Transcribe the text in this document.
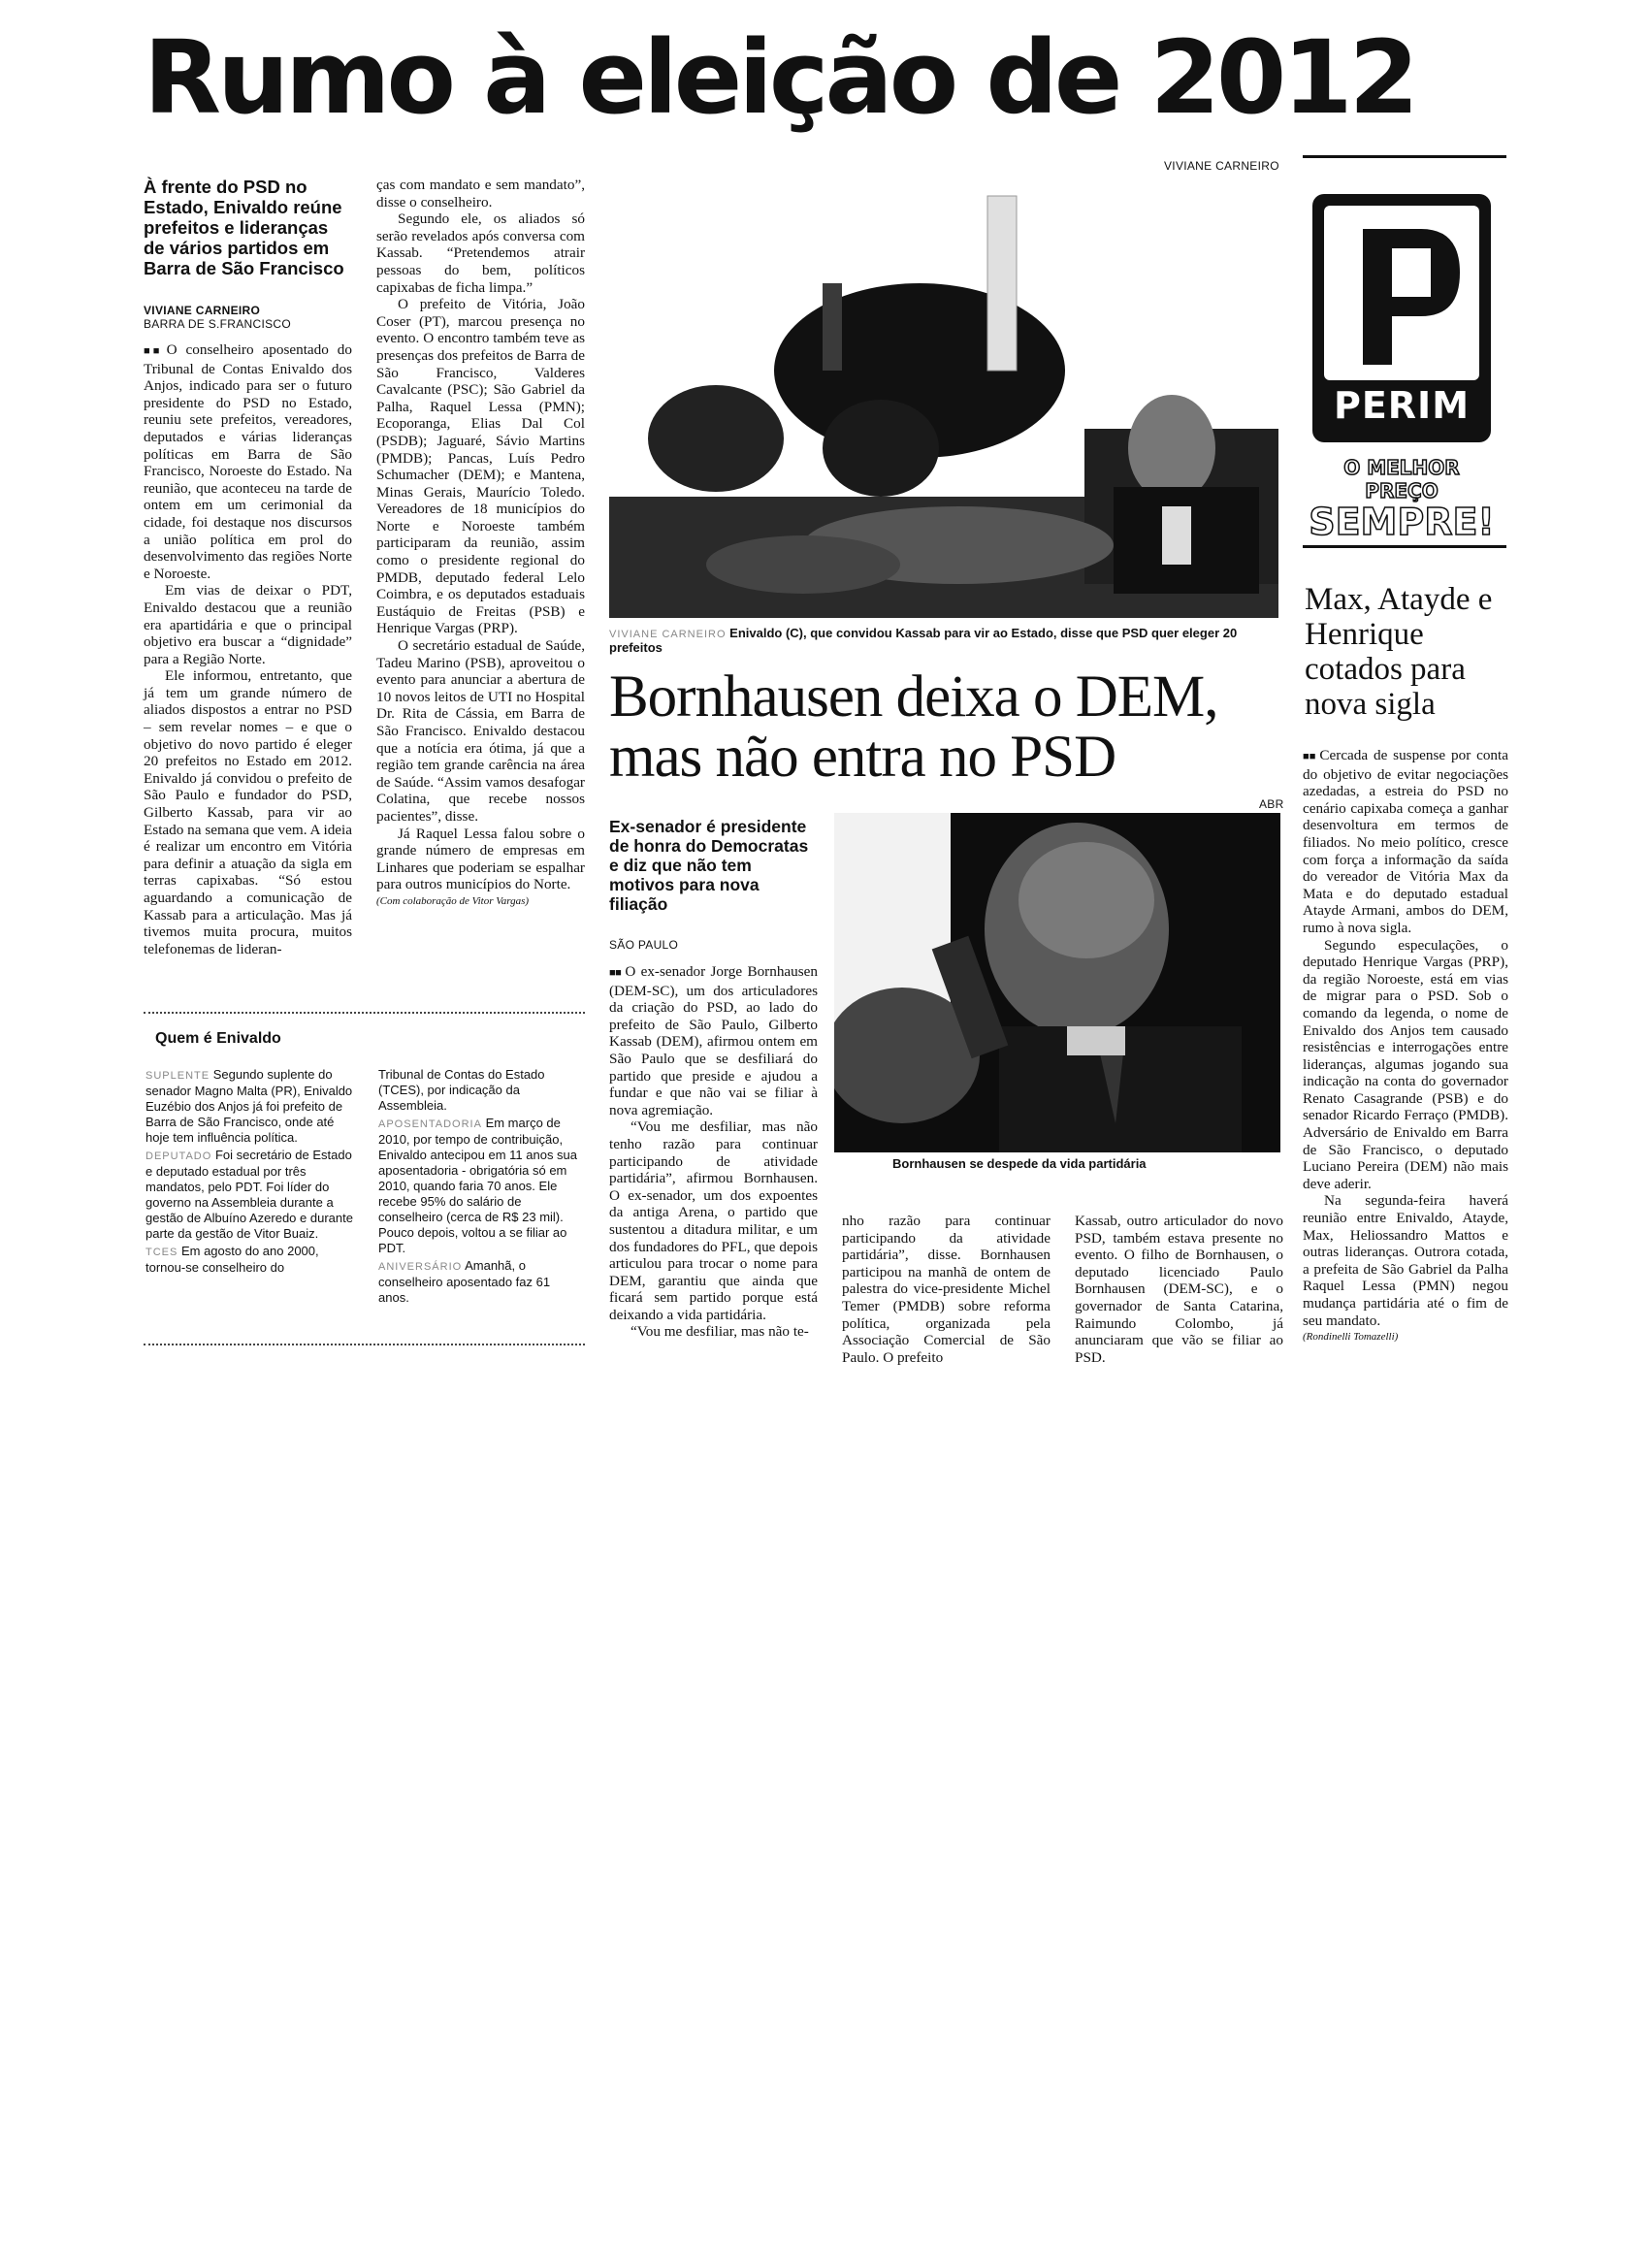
Rumo à eleição de 2012
À frente do PSD no Estado, Enivaldo reúne prefeitos e lideranças de vários partidos em Barra de São Francisco
VIVIANE CARNEIRO
BARRA DE S.FRANCISCO

■■ O conselheiro aposentado do Tribunal de Contas Enivaldo dos Anjos, indicado para ser o futuro presidente do PSD no Estado, reuniu sete prefeitos, vereadores, deputados e várias lideranças políticas em Barra de São Francisco, Noroeste do Estado. Na reunião, que aconteceu na tarde de ontem em um cerimonial da cidade, foi destaque nos discursos a união política em prol do desenvolvimento das regiões Norte e Noroeste.

Em vias de deixar o PDT, Enivaldo destacou que a reunião era apartidária e que o principal objetivo era buscar a “dignidade” para a Região Norte.

Ele informou, entretanto, que já tem um grande número de aliados dispostos a entrar no PSD – sem revelar nomes – e que o objetivo do novo partido é eleger 20 prefeitos no Estado em 2012. Enivaldo já convidou o prefeito de São Paulo e fundador do PSD, Gilberto Kassab, para vir ao Estado na semana que vem. A ideia é realizar um encontro em Vitória para definir a atuação da sigla em terras capixabas. “Só estou aguardando a comunicação de Kassab para a articulação. Mas já tivemos muita procura, muitos telefonemas de lideran-

ças com mandato e sem mandato”, disse o conselheiro.

Segundo ele, os aliados só serão revelados após conversa com Kassab. “Pretendemos atrair pessoas do bem, políticos capixabas de ficha limpa.”

O prefeito de Vitória, João Coser (PT), marcou presença no evento. O encontro também teve as presenças dos prefeitos de Barra de São Francisco, Valderes Cavalcante (PSC); São Gabriel da Palha, Raquel Lessa (PMN); Ecoporanga, Elias Dal Col (PSDB); Jaguaré, Sávio Martins (PMDB); Pancas, Luís Pedro Schumacher (DEM); e Mantena, Minas Gerais, Maurício Toledo. Vereadores de 18 municípios do Norte e Noroeste também participaram da reunião, assim como o presidente regional do PMDB, deputado federal Lelo Coimbra, e os deputados estaduais Eustáquio de Freitas (PSB) e Henrique Vargas (PRP).

O secretário estadual de Saúde, Tadeu Marino (PSB), aproveitou o evento para anunciar a abertura de 10 novos leitos de UTI no Hospital Dr. Rita de Cássia, em Barra de São Francisco. Enivaldo destacou que a notícia era ótima, já que a região tem grande carência na área de Saúde. “Assim vamos desafogar Colatina, que recebe nossos pacientes”, disse.

Já Raquel Lessa falou sobre o grande número de empresas em Linhares que poderiam se espalhar para outros municípios do Norte.

(Com colaboração de Vitor Vargas)
VIVIANE CARNEIRO
VIVIANE CARNEIRO Enivaldo (C), que convidou Kassab para vir ao Estado, disse que PSD quer eleger 20 prefeitos
Quem é Enivaldo

SUPLENTE Segundo suplente do senador Magno Malta (PR), Enivaldo Euzébio dos Anjos já foi prefeito de Barra de São Francisco, onde até hoje tem influência política.

DEPUTADO Foi secretário de Estado e deputado estadual por três mandatos, pelo PDT. Foi líder do governo na Assembleia durante a gestão de Albuíno Azeredo e durante parte da gestão de Vitor Buaiz.

TCES Em agosto do ano 2000, tornou-se conselheiro do

Tribunal de Contas do Estado (TCES), por indicação da Assembleia.

APOSENTADORIA Em março de 2010, por tempo de contribuição, Enivaldo antecipou em 11 anos sua aposentadoria - obrigatória só em 2010, quando faria 70 anos. Ele recebe 95% do salário de conselheiro (cerca de R$ 23 mil). Pouco depois, voltou a se filiar ao PDT.

ANIVERSÁRIO Amanhã, o conselheiro aposentado faz 61 anos.

Bornhausen deixa o DEM, mas não entra no PSD
Ex-senador é presidente de honra do Democratas e diz que não tem motivos para nova filiação
SÃO PAULO
ABR
Bornhausen se despede da vida partidária

■■ O ex-senador Jorge Bornhausen (DEM-SC), um dos articuladores da criação do PSD, ao lado do prefeito de São Paulo, Gilberto Kassab (DEM), afirmou ontem em São Paulo que se desfiliará do partido que preside e ajudou a fundar e que não vai se filiar à nova agremiação.

“Vou me desfiliar, mas não tenho razão para continuar participando de atividade partidária”, afirmou Bornhausen. O ex-senador, um dos expoentes da antiga Arena, o partido que sustentou a ditadura militar, e um dos fundadores do PFL, que depois articulou para trocar o nome para DEM, garantiu que ainda que ficará sem partido porque está deixando a vida partidária.

“Vou me desfiliar, mas não te-

nho razão para continuar participando da atividade partidária”, disse. Bornhausen participou na manhã de ontem de palestra do vice-presidente Michel Temer (PMDB) sobre reforma política, organizada pela Associação Comercial de São Paulo. O prefeito

Kassab, outro articulador do novo PSD, também estava presente no evento. O filho de Bornhausen, o deputado licenciado Paulo Bornhausen (DEM-SC), e o governador de Santa Catarina, Raimundo Colombo, já anunciaram que vão se filiar ao PSD.

PERIM
O MELHOR PREÇO
SEMPRE!
Max, Atayde e Henrique cotados para nova sigla

■■ Cercada de suspense por conta do objetivo de evitar negociações azedadas, a estreia do PSD no cenário capixaba começa a ganhar desenvoltura em termos de filiados. No meio político, cresce com força a informação da saída do vereador de Vitória Max da Mata e do deputado estadual Atayde Armani, ambos do DEM, rumo à nova sigla.

Segundo especulações, o deputado Henrique Vargas (PRP), da região Noroeste, está em vias de migrar para o PSD. Sob o comando da legenda, o nome de Enivaldo dos Anjos tem causado resistências e interrogações entre lideranças, algumas jogando sua indicação na conta do governador Renato Casagrande (PSB) e do senador Ricardo Ferraço (PMDB). Adversário de Enivaldo em Barra de São Francisco, o deputado Luciano Pereira (DEM) não mais deve aderir.

Na segunda-feira haverá reunião entre Enivaldo, Atayde, Max, Heliossandro Mattos e outras lideranças. Outrora cotada, a prefeita de São Gabriel da Palha Raquel Lessa (PMN) negou mudança partidária até o fim de seu mandato.

(Rondinelli Tomazelli)
